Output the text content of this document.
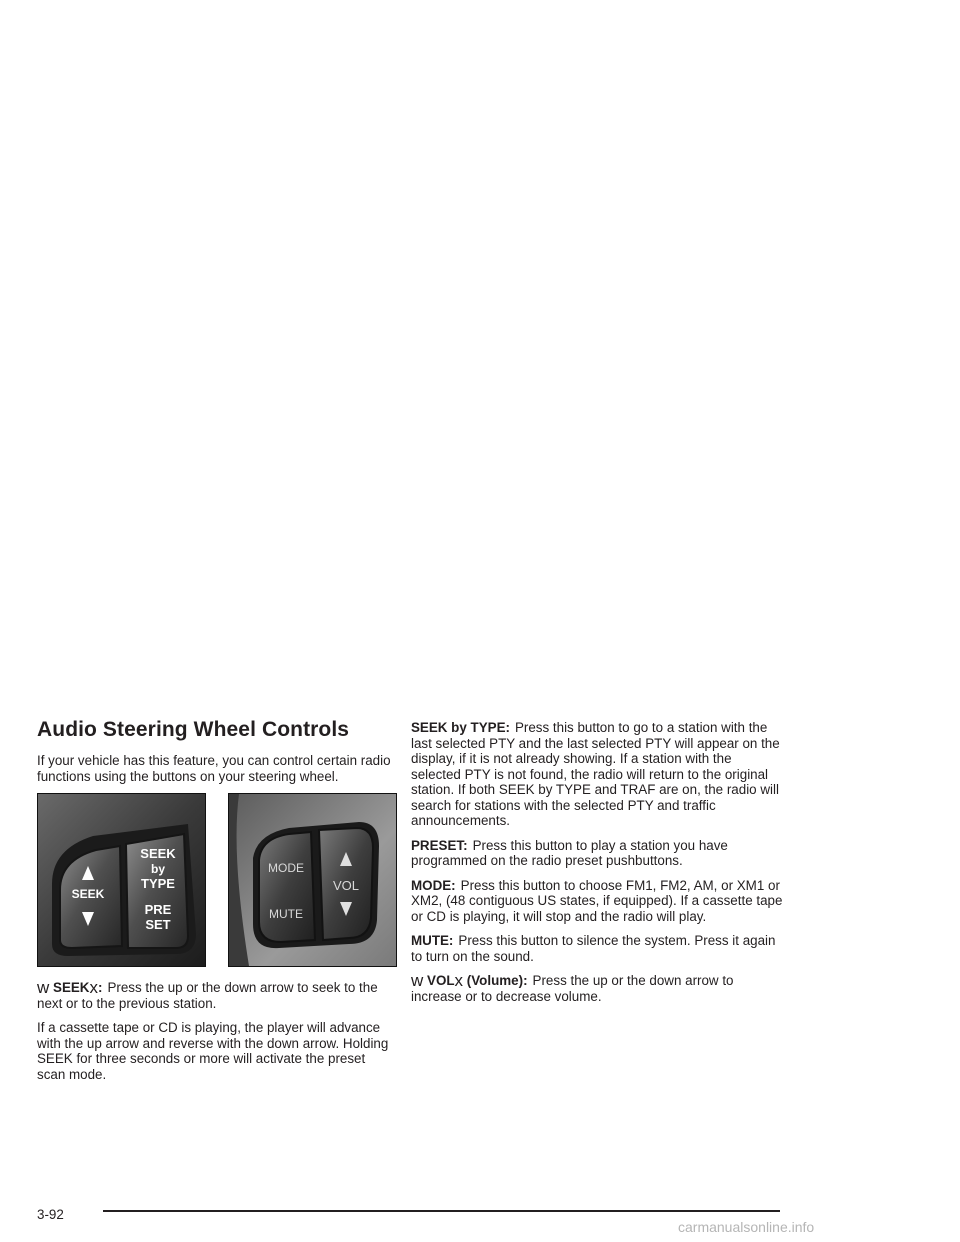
Audio Steering Wheel Controls

If your vehicle has this feature, you can control certain radio functions using the buttons on your steering wheel.

SEEK
SEEK
by
TYPE
PRE
SET
MODE
MUTE
VOL

w SEEKx: Press the up or the down arrow to seek to the next or to the previous station.

If a cassette tape or CD is playing, the player will advance with the up arrow and reverse with the down arrow. Holding SEEK for three seconds or more will activate the preset scan mode.

SEEK by TYPE: Press this button to go to a station with the last selected PTY and the last selected PTY will appear on the display, if it is not already showing. If a station with the selected PTY is not found, the radio will return to the original station. If both SEEK by TYPE and TRAF are on, the radio will search for stations with the selected PTY and traffic announcements.

PRESET: Press this button to play a station you have programmed on the radio preset pushbuttons.

MODE: Press this button to choose FM1, FM2, AM, or XM1 or XM2, (48 contiguous US states, if equipped). If a cassette tape or CD is playing, it will stop and the radio will play.

MUTE: Press this button to silence the system. Press it again to turn on the sound.

w VOLx (Volume): Press the up or the down arrow to increase or to decrease volume.

3-92
carmanualsonline.info
